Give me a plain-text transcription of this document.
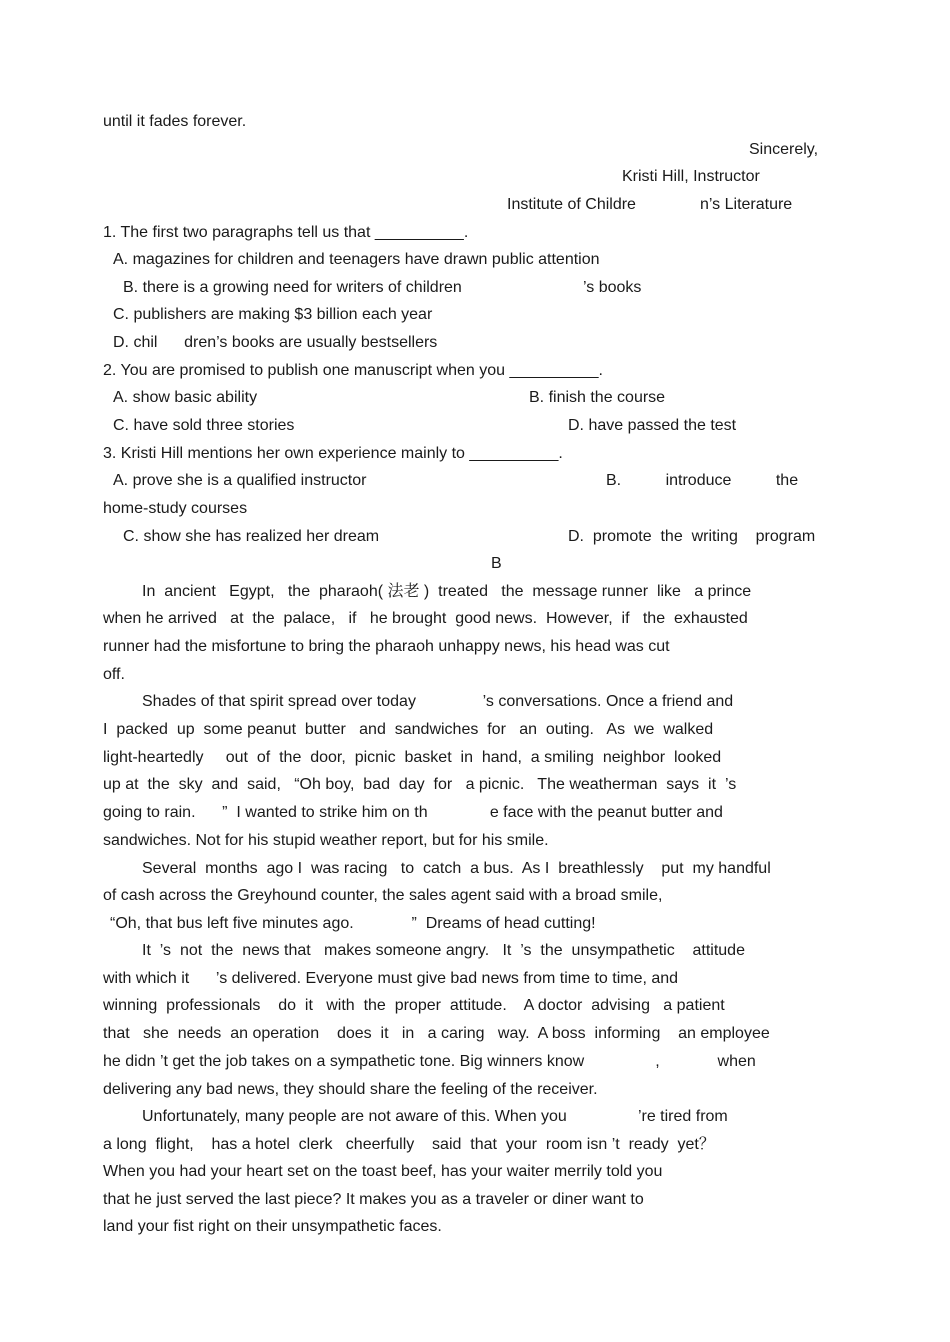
until it fades forever.
Sincerely,
Kristi Hill, Instructor
Institute of Childre	n’s Literature
1. The first two paragraphs tell us that __________.
A. magazines for children and teenagers have drawn public attention
B. there is a growing need for writers of children	’s books
C. publishers are making $3 billion each year
D. chil      dren’s books are usually bestsellers
2. You are promised to publish one manuscript when you __________.
A. show basic ability	B. finish the course
C. have sold three stories	D. have passed the test
3. Kristi Hill mentions her own experience mainly to __________.
A. prove she is a qualified instructor	B.          introduce          the
home-study courses
C. show she has realized her dream	D.  promote  the  writing    program
B
In  ancient   Egypt,   the  pharaoh( 法老 )  treated   the  message runner  like   a prince
when he arrived   at  the  palace,   if   he brought  good news.  However,  if   the  exhausted
runner had the misfortune to bring the pharaoh unhappy news, his head was cut
off.
Shades of that spirit spread over today               ’s conversations. Once a friend and
I  packed  up  some peanut  butter   and  sandwiches  for   an  outing.   As  we  walked
light-heartedly     out  of  the  door,  picnic  basket  in  hand,  a smiling  neighbor  looked
up at  the  sky  and  said,   “Oh boy,  bad  day  for   a picnic.   The weatherman  says  it  ’s
going to rain.      ”  I wanted to strike him on th              e face with the peanut butter and
sandwiches. Not for his stupid weather report, but for his smile.
Several  months  ago I  was racing   to  catch  a bus.  As I  breathlessly    put  my handful
of cash across the Greyhound counter, the sales agent said with a broad smile,
“Oh, that bus left five minutes ago.             ”  Dreams of head cutting!
It  ’s  not  the  news that   makes someone angry.   It  ’s  the  unsympathetic    attitude
with which it      ’s delivered. Everyone must give bad news from time to time, and
winning  professionals    do  it   with  the  proper  attitude.    A doctor  advising   a patient
that   she  needs  an operation    does  it   in   a caring   way.  A boss  informing    an employee
he didn ’t get the job takes on a sympathetic tone. Big winners know                ,             when
delivering any bad news, they should share the feeling of the receiver.
Unfortunately, many people are not aware of this. When you                ’re tired from
a long  flight,    has a hotel  clerk   cheerfully    said  that  your  room isn ’t  ready  yet？
When you had your heart set on the toast beef, has your waiter merrily told you
that he just served the last piece? It makes you as a traveler or diner want to
land your fist right on their unsympathetic faces.
